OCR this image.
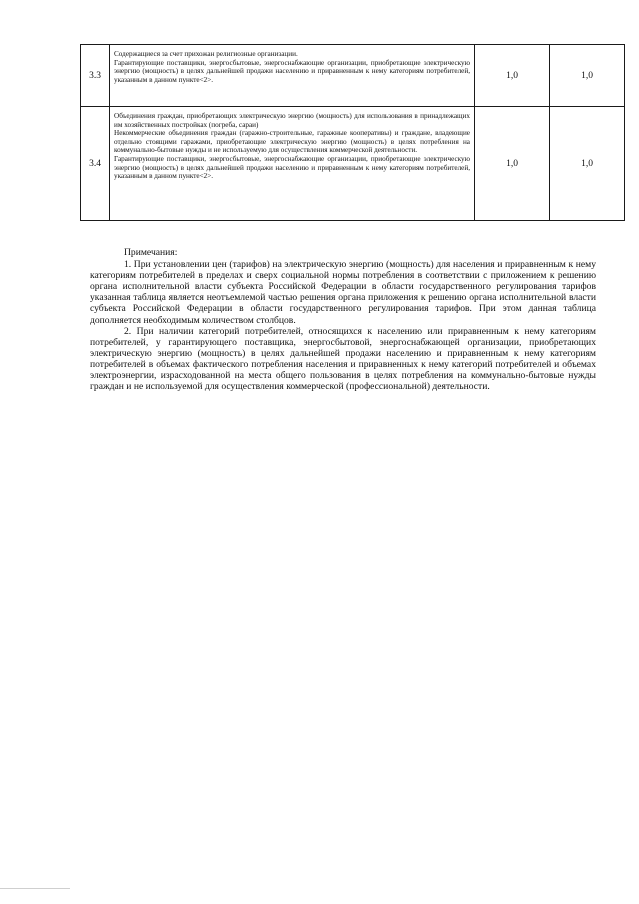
3.3	Содержащиеся за счет прихожан религиозные организации.

Гарантирующие поставщики, энергосбытовые, энергоснабжающие организации, приобретающие электрическую энергию (мощность) в целях дальнейшей продажи населению и приравненным к нему категориям потребителей, указанным в данном пункте<2>.	1,0	1,0
3.4	Объединения граждан, приобретающих электрическую энергию (мощность) для использования в принадлежащих им хозяйственных постройках (погреба, сараи)

Некоммерческие объединения граждан (гаражно-строительные, гаражные кооперативы) и граждане, владеющие отдельно стоящими гаражами, приобретающие электрическую энергию (мощность) в целях потребления на коммунально-бытовые нужды и не используемую для осуществления коммерческой деятельности.

Гарантирующие поставщики, энергосбытовые, энергоснабжающие организации, приобретающие электрическую энергию (мощность) в целях дальнейшей продажи населению и приравненным к нему категориям потребителей, указанным в данном пункте<2>.	1,0	1,0
Примечания:

1. При установлении цен (тарифов) на электрическую энергию (мощность) для населения и приравненным к нему категориям потребителей в пределах и сверх социальной нормы потребления в соответствии с приложением к решению органа исполнительной власти субъекта Российской Федерации в области государственного регулирования тарифов указанная таблица является неотъемлемой частью решения органа приложения к решению органа исполнительной власти субъекта Российской Федерации в области государственного регулирования тарифов. При этом данная таблица дополняется необходимым количеством столбцов.

2. При наличии категорий потребителей, относящихся к населению или приравненным к нему категориям потребителей, у гарантирующего поставщика, энергосбытовой, энергоснабжающей организации, приобретающих электрическую энергию (мощность) в целях дальнейшей продажи населению и приравненным к нему категориям потребителей в объемах фактического потребления населения и приравненных к нему категорий потребителей и объемах электроэнергии, израсходованной на места общего пользования в целях потребления на коммунально-бытовые нужды граждан и не используемой для осуществления коммерческой (профессиональной) деятельности.
